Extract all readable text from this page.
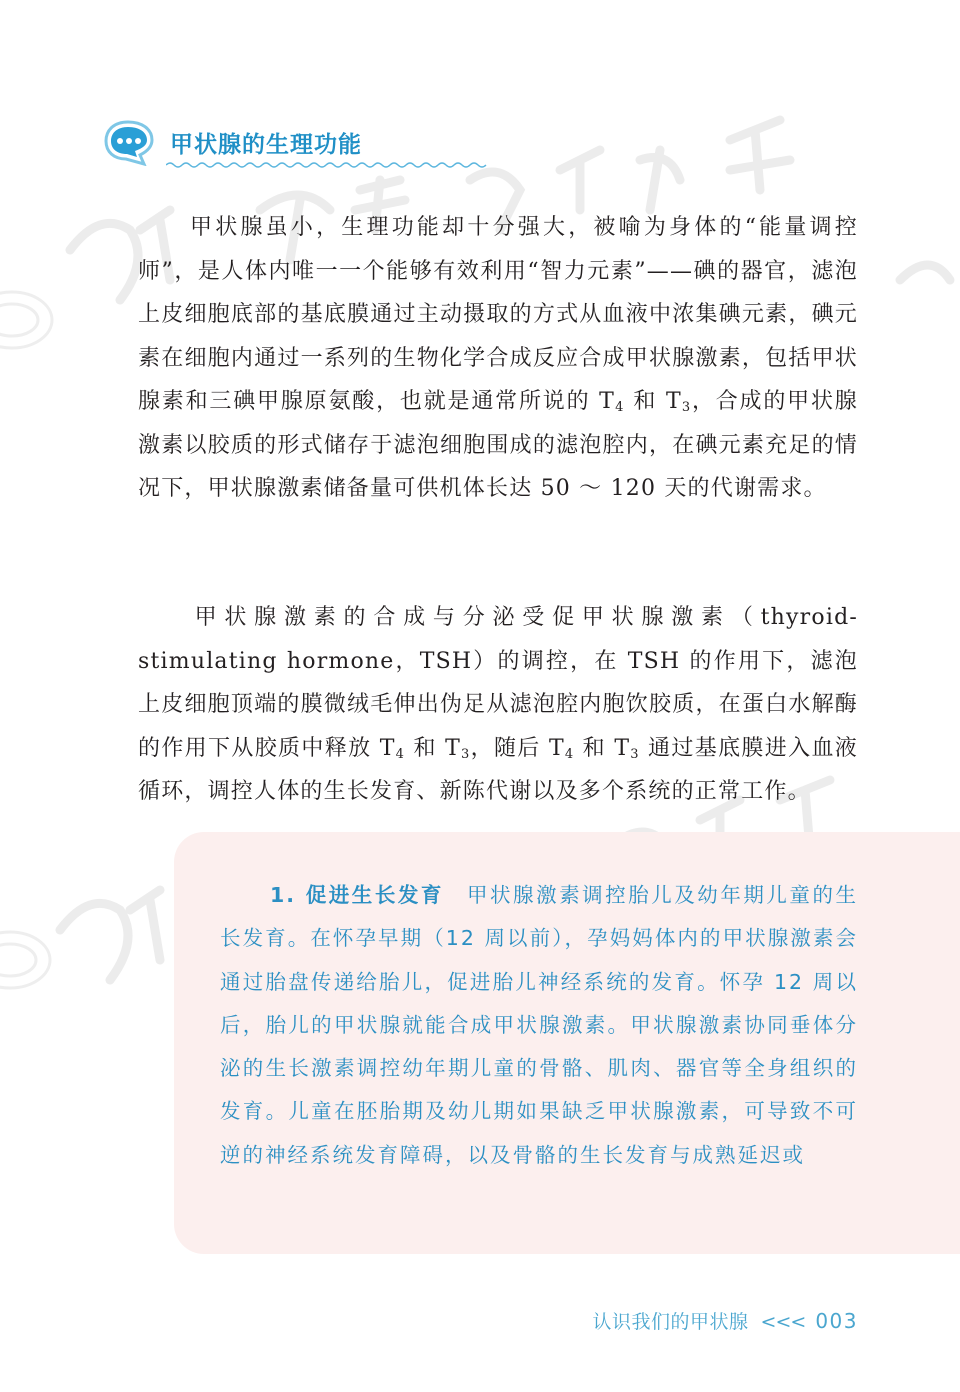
甲状腺的生理功能

甲状腺虽小，生理功能却十分强大，被喻为身体的“能量调控师”，是人体内唯一一个能够有效利用“智力元素”——碘的器官，滤泡上皮细胞底部的基底膜通过主动摄取的方式从血液中浓集碘元素，碘元素在细胞内通过一系列的生物化学合成反应合成甲状腺激素，包括甲状腺素和三碘甲腺原氨酸，也就是通常所说的 $T_4$ 和 $T_3$，合成的甲状腺激素以胶质的形式储存于滤泡细胞围成的滤泡腔内，在碘元素充足的情况下，甲状腺激素储备量可供机体长达 50 ～ 120 天的代谢需求。

甲状腺激素的合成与分泌受促甲状腺激素（thyroid-stimulating hormone，TSH）的调控，在 TSH 的作用下，滤泡上皮细胞顶端的膜微绒毛伸出伪足从滤泡腔内胞饮胶质，在蛋白水解酶的作用下从胶质中释放 $T_4$ 和 $T_3$，随后 $T_4$ 和 $T_3$ 通过基底膜进入血液循环，调控人体的生长发育、新陈代谢以及多个系统的正常工作。

1. 促进生长发育　 甲状腺激素调控胎儿及幼年期儿童的生长发育。在怀孕早期（12 周以前），孕妈妈体内的甲状腺激素会通过胎盘传递给胎儿，促进胎儿神经系统的发育。怀孕 12 周以后，胎儿的甲状腺就能合成甲状腺激素。甲状腺激素协同垂体分泌的生长激素调控幼年期儿童的骨骼、肌肉、器官等全身组织的发育。儿童在胚胎期及幼儿期如果缺乏甲状腺激素，可导致不可逆的神经系统发育障碍，以及骨骼的生长发育与成熟延迟或

认识我们的甲状腺 <<< 003
